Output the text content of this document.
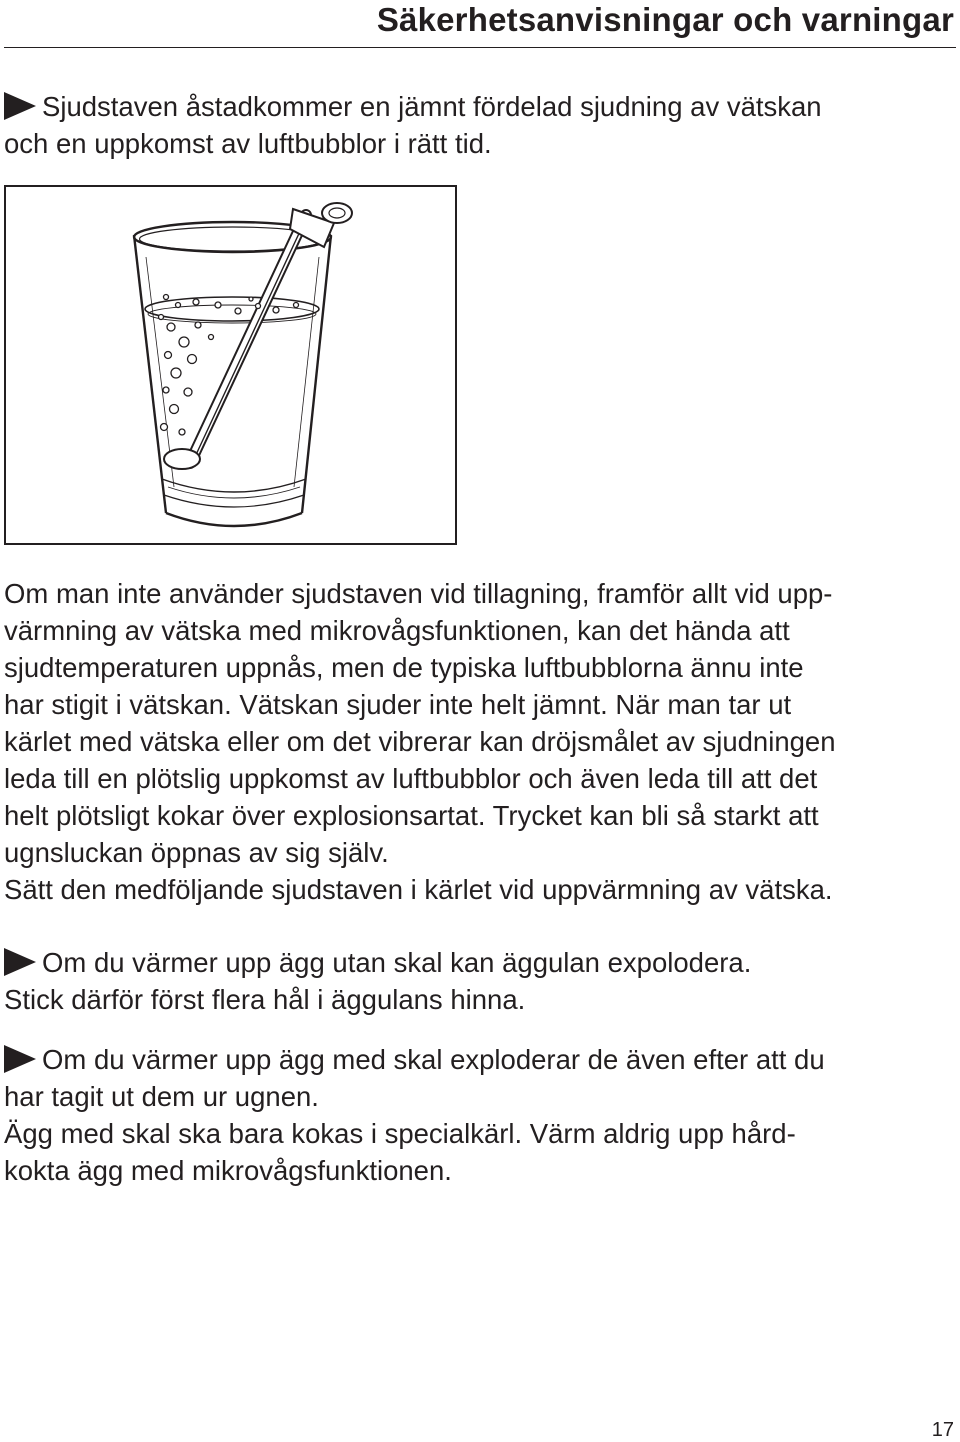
Säkerhetsanvisningar och varningar
Sjudstaven åstadkommer en jämnt fördelad sjudning av vätskan
och en uppkomst av luftbubblor i rätt tid.
Om man inte använder sjudstaven vid tillagning, framför allt vid upp-
värmning av vätska med mikrovågsfunktionen, kan det hända att
sjudtemperaturen uppnås, men de typiska luftbubblorna ännu inte
har stigit i vätskan. Vätskan sjuder inte helt jämnt. När man tar ut
kärlet med vätska eller om det vibrerar kan dröjsmålet av sjudningen
leda till en plötslig uppkomst av luftbubblor och även leda till att det
helt plötsligt kokar över explosionsartat. Trycket kan bli så starkt att
ugnsluckan öppnas av sig själv.
Sätt den medföljande sjudstaven i kärlet vid uppvärmning av vätska.
Om du värmer upp ägg utan skal kan äggulan expolodera.
Stick därför först flera hål i äggulans hinna.
Om du värmer upp ägg med skal exploderar de även efter att du
har tagit ut dem ur ugnen.
Ägg med skal ska bara kokas i specialkärl. Värm aldrig upp hård-
kokta ägg med mikrovågsfunktionen.
17
